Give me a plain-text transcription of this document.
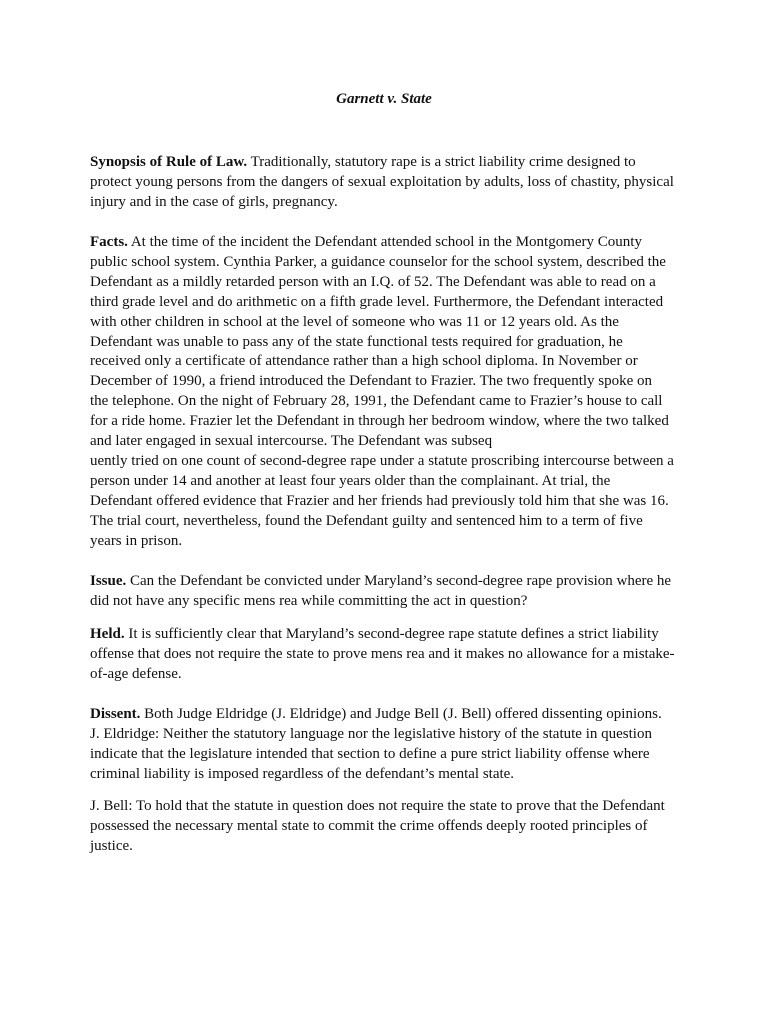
Garnett v. State

Synopsis of Rule of Law. Traditionally, statutory rape is a strict liability crime designed to
protect young persons from the dangers of sexual exploitation by adults, loss of chastity, physical
injury and in the case of girls, pregnancy.

Facts. At the time of the incident the Defendant attended school in the Montgomery County
public school system. Cynthia Parker, a guidance counselor for the school system, described the
Defendant as a mildly retarded person with an I.Q. of 52. The Defendant was able to read on a
third grade level and do arithmetic on a fifth grade level. Furthermore, the Defendant interacted
with other children in school at the level of someone who was 11 or 12 years old. As the
Defendant was unable to pass any of the state functional tests required for graduation, he
received only a certificate of attendance rather than a high school diploma. In November or
December of 1990, a friend introduced the Defendant to Frazier. The two frequently spoke on
the telephone. On the night of February 28, 1991, the Defendant came to Frazier’s house to call
for a ride home. Frazier let the Defendant in through her bedroom window, where the two talked
and later engaged in sexual intercourse. The Defendant was subseq
uently tried on one count of second-degree rape under a statute proscribing intercourse between a
person under 14 and another at least four years older than the complainant. At trial, the
Defendant offered evidence that Frazier and her friends had previously told him that she was 16.
The trial court, nevertheless, found the Defendant guilty and sentenced him to a term of five
years in prison.

Issue. Can the Defendant be convicted under Maryland’s second-degree rape provision where he
did not have any specific mens rea while committing the act in question?

Held. It is sufficiently clear that Maryland’s second-degree rape statute defines a strict liability
offense that does not require the state to prove mens rea and it makes no allowance for a mistake-
of-age defense.

Dissent. Both Judge Eldridge (J. Eldridge) and Judge Bell (J. Bell) offered dissenting opinions.
J. Eldridge: Neither the statutory language nor the legislative history of the statute in question
indicate that the legislature intended that section to define a pure strict liability offense where
criminal liability is imposed regardless of the defendant’s mental state.

J. Bell: To hold that the statute in question does not require the state to prove that the Defendant
possessed the necessary mental state to commit the crime offends deeply rooted principles of
justice.
